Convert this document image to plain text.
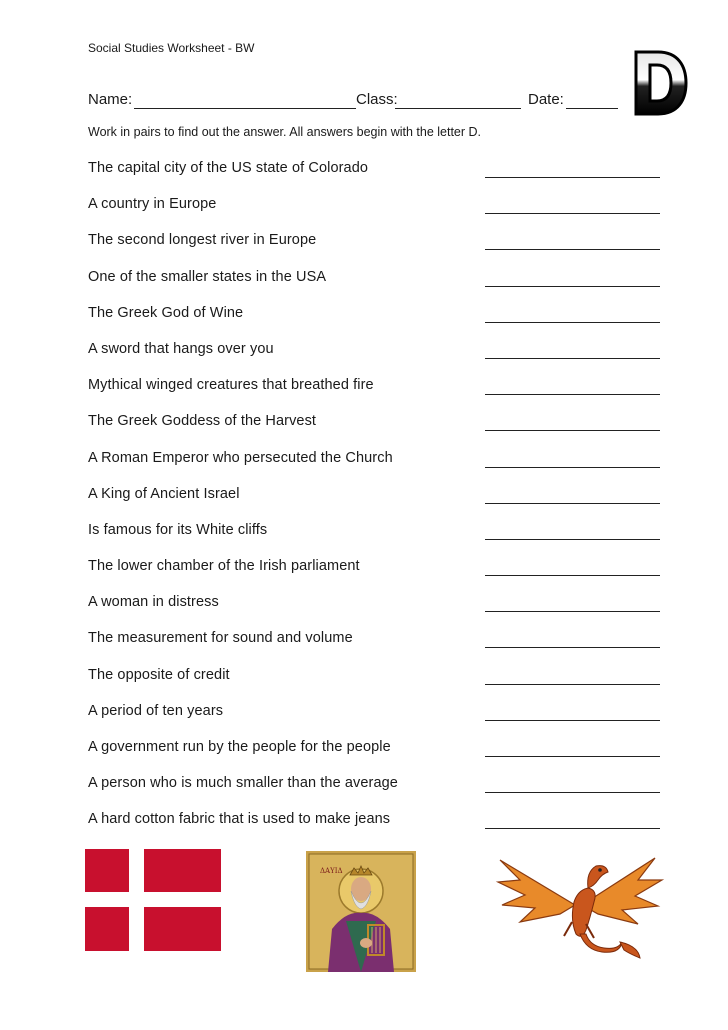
Social Studies Worksheet - BW
Name:	Class:	Date:
Work in pairs to find out the answer. All answers begin with the letter D.
The capital city of the US state of Colorado
A country in Europe
The second longest river in Europe
One of the smaller states in the USA
The Greek God of Wine
A sword that hangs over you
Mythical winged creatures that breathed fire
The Greek Goddess of the Harvest
A Roman Emperor who persecuted the Church
A King of Ancient Israel
Is famous for its White cliffs
The lower chamber of the Irish parliament
A woman in distress
The measurement for sound and volume
The opposite of credit
A period of ten years
A government run by the people for the people
A person who is much smaller than the average
A hard cotton fabric that is used to make jeans
ΔΑΥΙΔ
